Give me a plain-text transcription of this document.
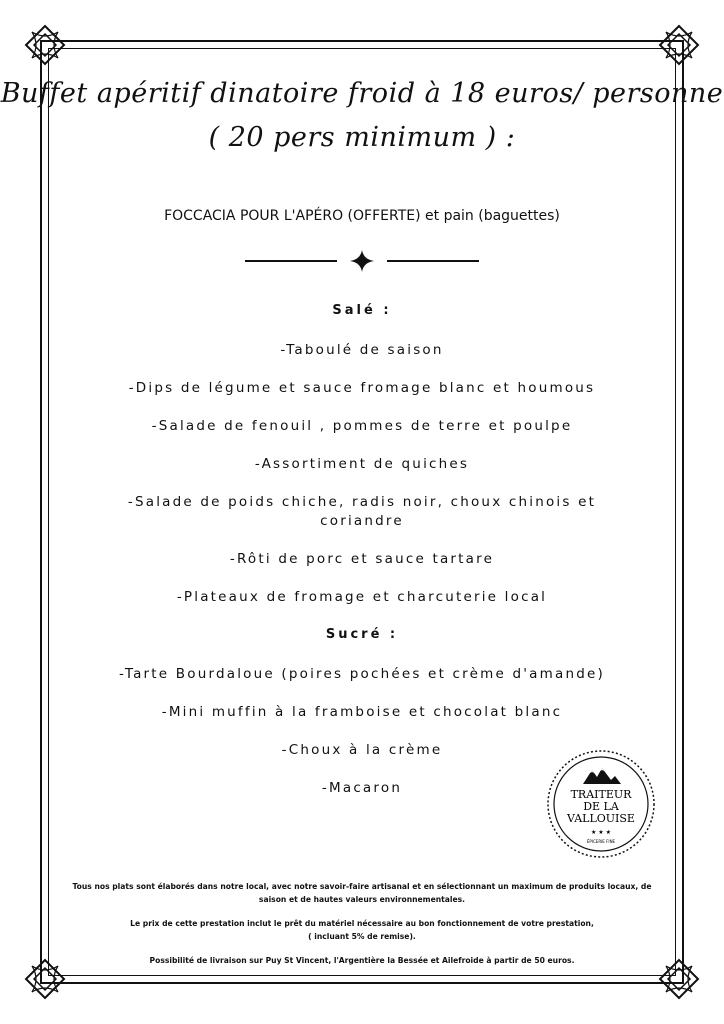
Buffet apéritif dinatoire froid à 18 euros/ personne
( 20 pers minimum ) :
FOCCACIA POUR L'APÉRO (OFFERTE) et pain (baguettes)
Salé :
-Taboulé de saison
-Dips de légume et sauce fromage blanc et houmous
-Salade de fenouil , pommes de terre et poulpe
-Assortiment de quiches
-Salade de poids chiche, radis noir, choux chinois et coriandre
-Rôti de porc et sauce tartare
-Plateaux de fromage et charcuterie local
Sucré :
-Tarte Bourdaloue (poires pochées et crème d'amande)
-Mini muffin à la framboise et chocolat blanc
-Choux à la crème
-Macaron	TRAITEUR
DE LA
VALLOUISE
★ ★ ★
ÉPICERIE FINE
Tous nos plats sont élaborés dans notre local, avec notre savoir-faire artisanal et en sélectionnant un maximum de produits locaux, de saison et de hautes valeurs environnementales.
Le prix de cette prestation inclut le prêt du matériel nécessaire au bon fonctionnement de votre prestation,
( incluant 5% de remise).
Possibilité de livraison sur Puy St Vincent, l'Argentière la Bessée et Ailefroide à partir de 50 euros.
